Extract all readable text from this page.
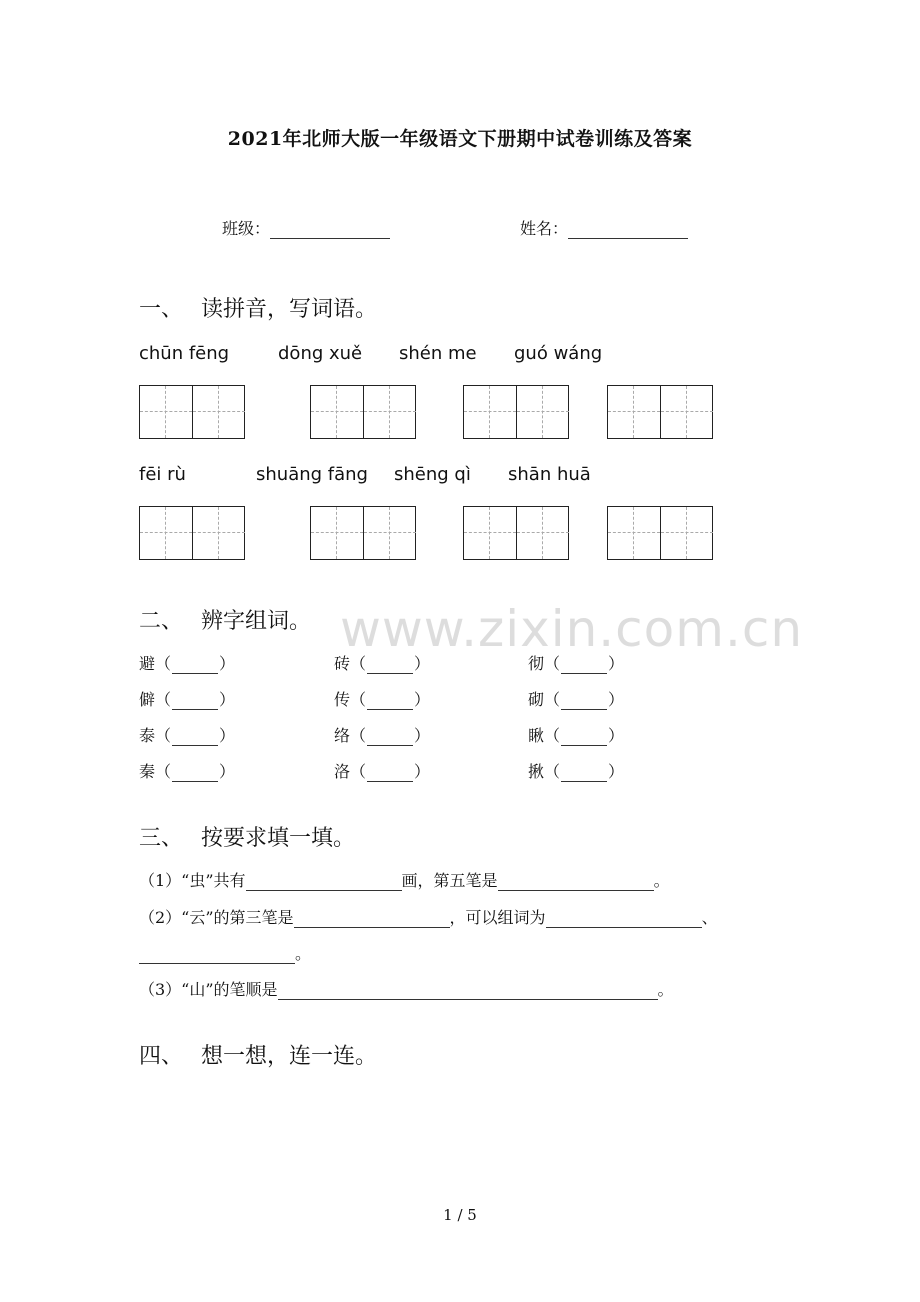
www.zixin.com.cn
2021年北师大版一年级语文下册期中试卷训练及答案
班级：	姓名：
一、 读拼音，写词语。
chūn fēng	dōng xuě shén me guó wáng
fēi rù	shuāng fāng shēng qì shān huā
二、 辨字组词。
避（	）	砖（	）	彻（	）
僻（	）	传（	）	砌（	）
泰（	）	络（	）	瞅（	）
秦（	）	洛（	）	揪（	）
三、 按要求填一填。
（1）“虫”共有	画，第五笔是	。
（2）“云”的第三笔是	，可以组词为	、
。
（3）“山”的笔顺是	。
四、 想一想，连一连。
1 / 5
